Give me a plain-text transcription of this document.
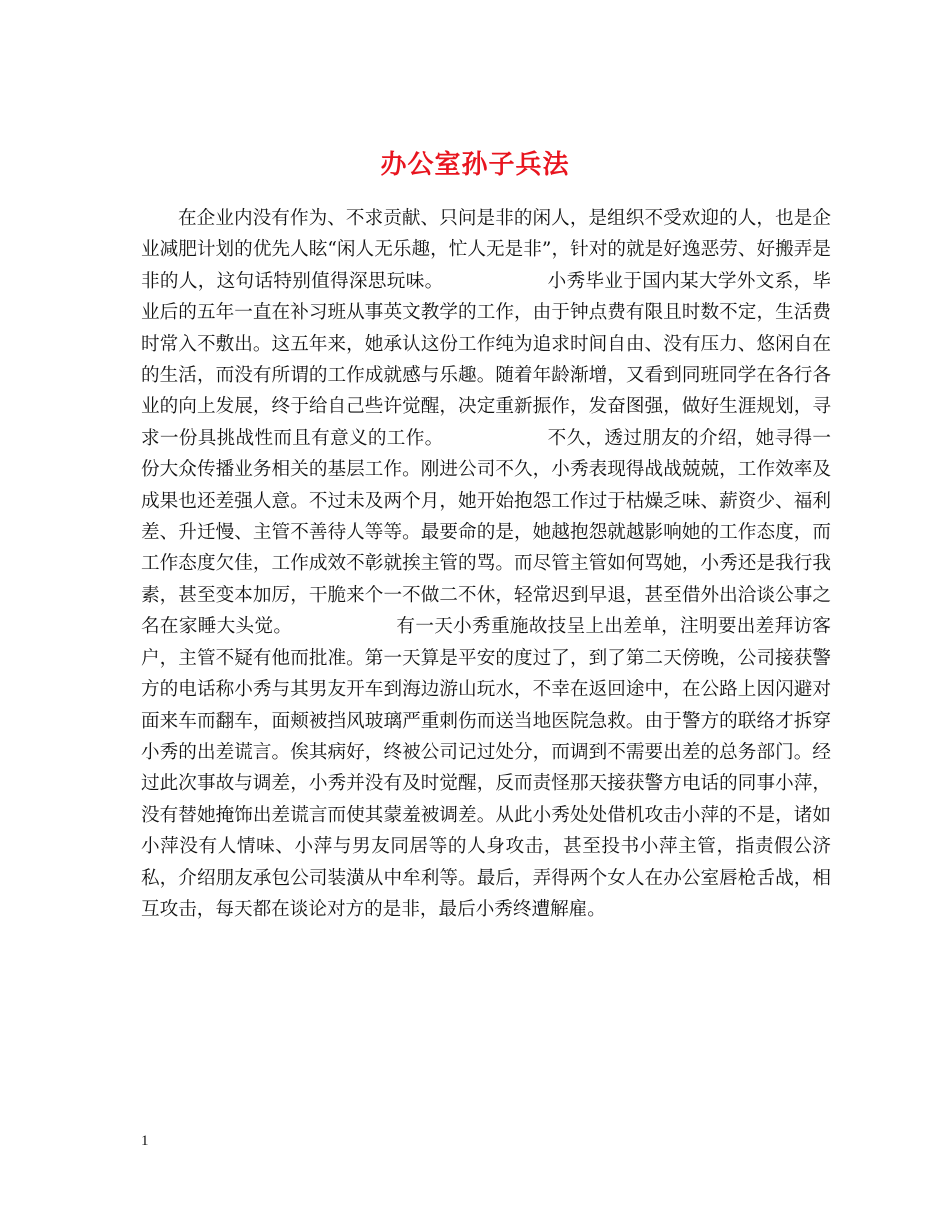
办公室孙子兵法

在企业内没有作为、不求贡献、只问是非的闲人，是组织不受欢迎的人，也是企业减肥计划的优先人眩“闲人无乐趣，忙人无是非”，针对的就是好逸恶劳、好搬弄是非的人，这句话特别值得深思玩味。　　　　　　小秀毕业于国内某大学外文系，毕业后的五年一直在补习班从事英文教学的工作，由于钟点费有限且时数不定，生活费时常入不敷出。这五年来，她承认这份工作纯为追求时间自由、没有压力、悠闲自在的生活，而没有所谓的工作成就感与乐趣。随着年龄渐增，又看到同班同学在各行各业的向上发展，终于给自己些许觉醒，决定重新振作，发奋图强，做好生涯规划，寻求一份具挑战性而且有意义的工作。　　　　　　不久，透过朋友的介绍，她寻得一份大众传播业务相关的基层工作。刚进公司不久，小秀表现得战战兢兢，工作效率及成果也还差强人意。不过未及两个月，她开始抱怨工作过于枯燥乏味、薪资少、福利差、升迁慢、主管不善待人等等。最要命的是，她越抱怨就越影响她的工作态度，而工作态度欠佳，工作成效不彰就挨主管的骂。而尽管主管如何骂她，小秀还是我行我素，甚至变本加厉，干脆来个一不做二不休，轻常迟到早退，甚至借外出洽谈公事之名在家睡大头觉。　　　　　　有一天小秀重施故技呈上出差单，注明要出差拜访客户，主管不疑有他而批准。第一天算是平安的度过了，到了第二天傍晚，公司接获警方的电话称小秀与其男友开车到海边游山玩水，不幸在返回途中，在公路上因闪避对面来车而翻车，面颊被挡风玻璃严重刺伤而送当地医院急救。由于警方的联络才拆穿小秀的出差谎言。俟其病好，终被公司记过处分，而调到不需要出差的总务部门。经过此次事故与调差，小秀并没有及时觉醒，反而责怪那天接获警方电话的同事小萍，没有替她掩饰出差谎言而使其蒙羞被调差。从此小秀处处借机攻击小萍的不是，诸如小萍没有人情味、小萍与男友同居等的人身攻击，甚至投书小萍主管，指责假公济私，介绍朋友承包公司装潢从中牟利等。最后，弄得两个女人在办公室唇枪舌战，相互攻击，每天都在谈论对方的是非，最后小秀终遭解雇。

1
